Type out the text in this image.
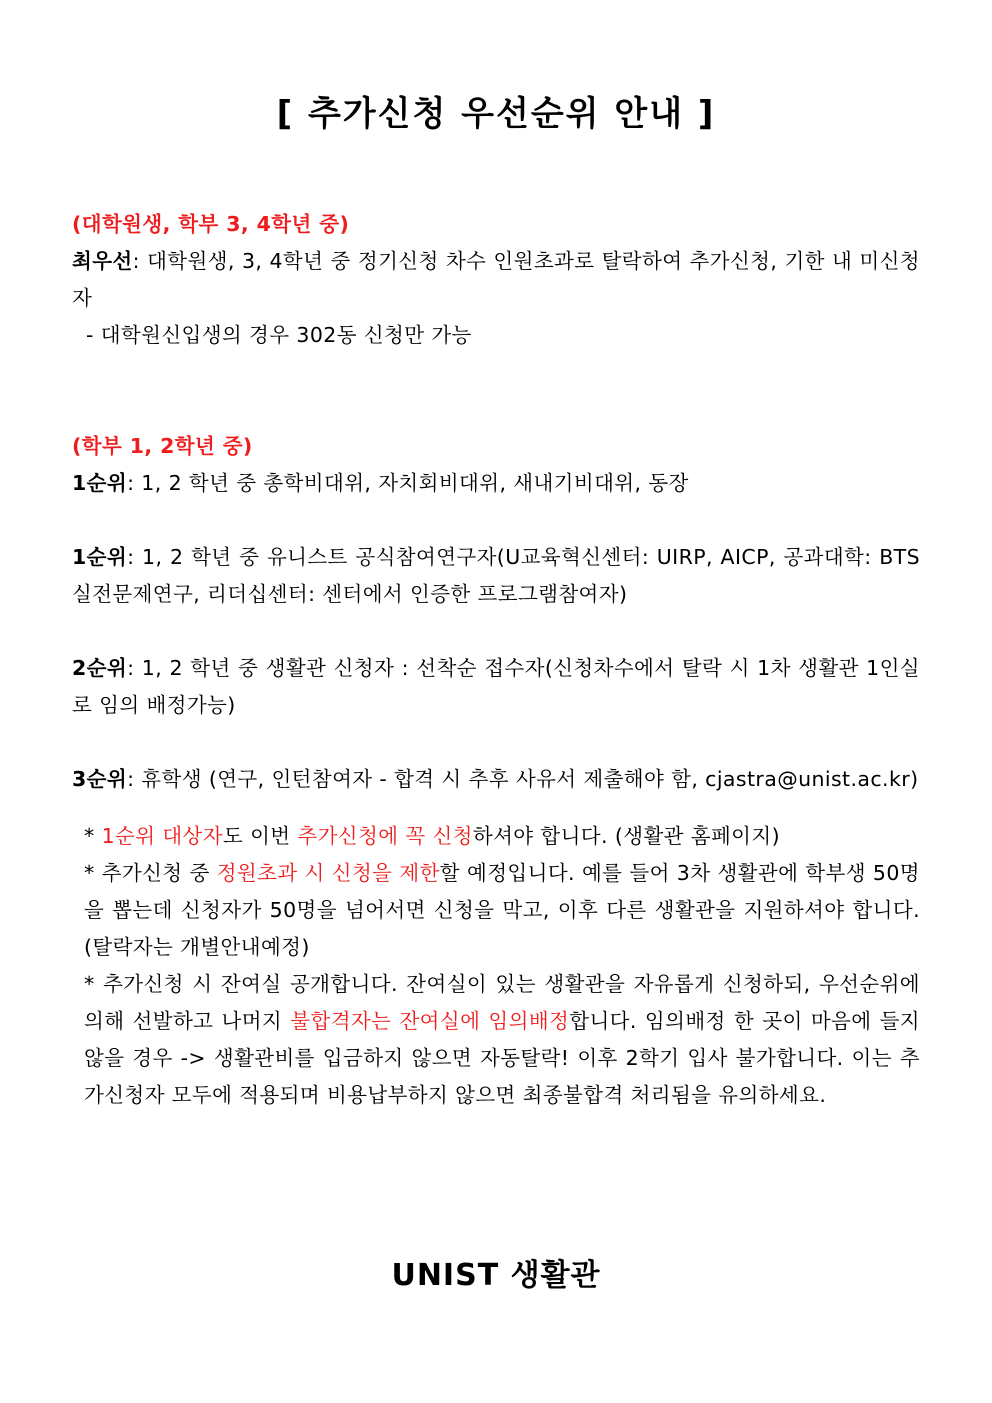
[ 추가신청 우선순위 안내 ]

(대학원생, 학부 3, 4학년 중)

최우선: 대학원생, 3, 4학년 중 정기신청 차수 인원초과로 탈락하여 추가신청, 기한 내 미신청자

- 대학원신입생의 경우 302동 신청만 가능

(학부 1, 2학년 중)

1순위: 1, 2 학년 중 총학비대위, 자치회비대위, 새내기비대위, 동장

1순위: 1, 2 학년 중 유니스트 공식참여연구자(U교육혁신센터: UIRP, AICP, 공과대학: BTS실전문제연구, 리더십센터: 센터에서 인증한 프로그램참여자)

2순위: 1, 2 학년 중 생활관 신청자 : 선착순 접수자(신청차수에서 탈락 시 1차 생활관 1인실로 임의 배정가능)

3순위: 휴학생 (연구, 인턴참여자 - 합격 시 추후 사유서 제출해야 함, cjastra@unist.ac.kr)

* 1순위 대상자도 이번 추가신청에 꼭 신청하셔야 합니다. (생활관 홈페이지)

* 추가신청 중 정원초과 시 신청을 제한할 예정입니다. 예를 들어 3차 생활관에 학부생 50명을 뽑는데 신청자가 50명을 넘어서면 신청을 막고, 이후 다른 생활관을 지원하셔야 합니다.(탈락자는 개별안내예정)

* 추가신청 시 잔여실 공개합니다. 잔여실이 있는 생활관을 자유롭게 신청하되, 우선순위에 의해 선발하고 나머지 불합격자는 잔여실에 임의배정합니다. 임의배정 한 곳이 마음에 들지 않을 경우 -> 생활관비를 입금하지 않으면 자동탈락! 이후 2학기 입사 불가합니다. 이는 추가신청자 모두에 적용되며 비용납부하지 않으면 최종불합격 처리됨을 유의하세요.

UNIST 생활관
